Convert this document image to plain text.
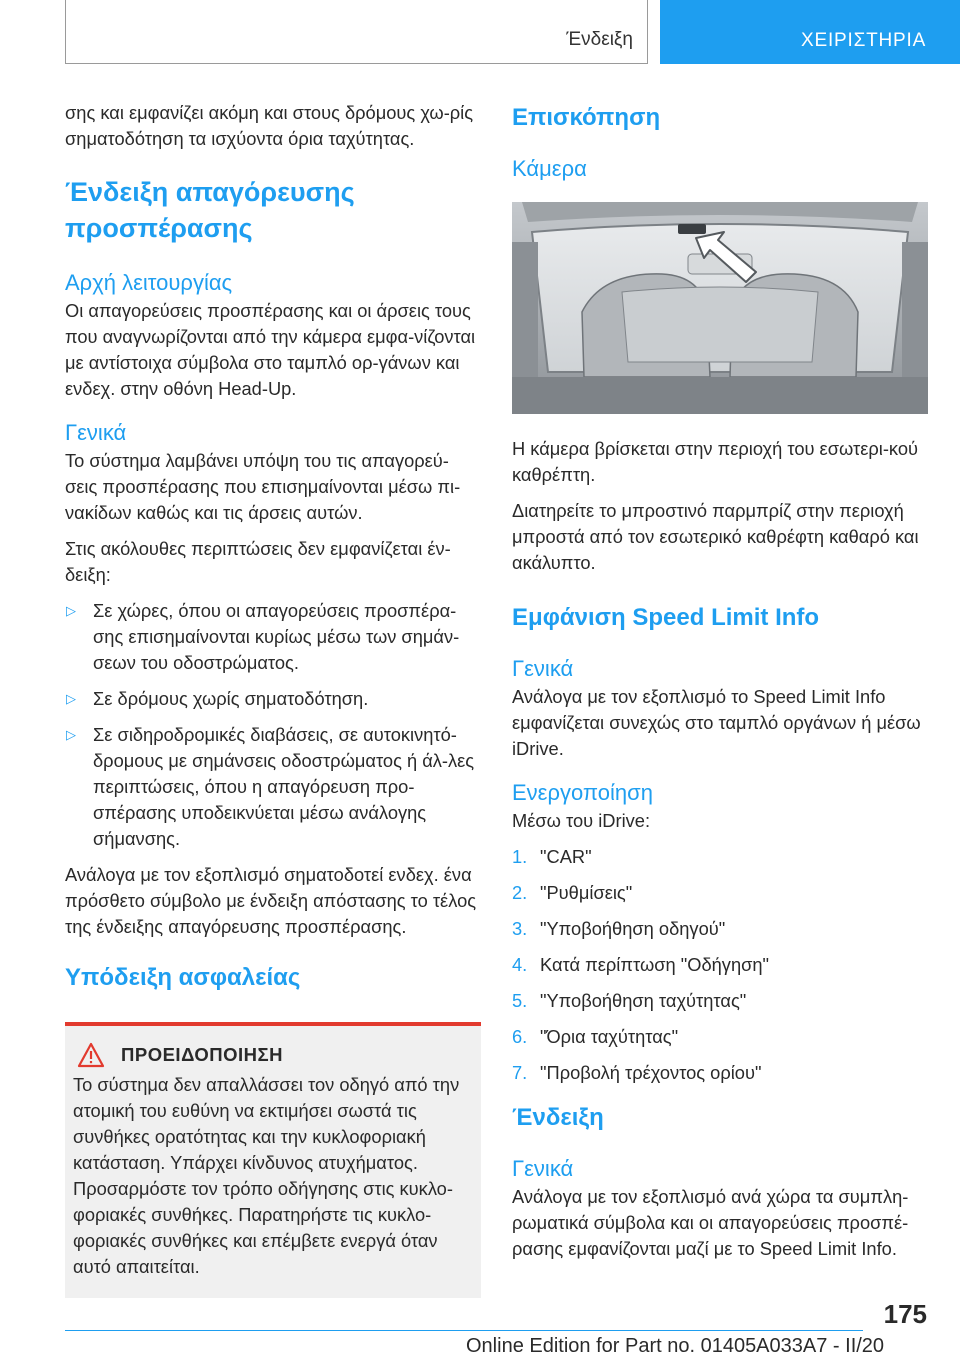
Ένδειξη	ΧΕΙΡΙΣΤΗΡΙΑ

σης και εμφανίζει ακόμη και στους δρόμους χω-ρίς σηματοδότηση τα ισχύοντα όρια ταχύτητας.

Ένδειξη απαγόρευσης προσπέρασης
Αρχή λειτουργίας

Οι απαγορεύσεις προσπέρασης και οι άρσεις τους που αναγνωρίζονται από την κάμερα εμφα-νίζονται με αντίστοιχα σύμβολα στο ταμπλό ορ-γάνων και ενδεχ. στην οθόνη Head-Up.

Γενικά

Το σύστημα λαμβάνει υπόψη του τις απαγορεύ-σεις προσπέρασης που επισημαίνονται μέσω πι-νακίδων καθώς και τις άρσεις αυτών.

Στις ακόλουθες περιπτώσεις δεν εμφανίζεται έν-δειξη:

▷ Σε χώρες, όπου οι απαγορεύσεις προσπέρα-σης επισημαίνονται κυρίως μέσω των σημάν-σεων του οδοστρώματος.
▷ Σε δρόμους χωρίς σηματοδότηση.
▷ Σε σιδηροδρομικές διαβάσεις, σε αυτοκινητό-δρομους με σημάνσεις οδοστρώματος ή άλ-λες περιπτώσεις, όπου η απαγόρευση προ-σπέρασης υποδεικνύεται μέσω ανάλογης σήμανσης.

Ανάλογα με τον εξοπλισμό σηματοδοτεί ενδεχ. ένα πρόσθετο σύμβολο με ένδειξη απόστασης το τέλος της ένδειξης απαγόρευσης προσπέρασης.

Υπόδειξη ασφαλείας
ΠΡΟΕΙΔΟΠΟΙΗΣΗ

Το σύστημα δεν απαλλάσσει τον οδηγό από την ατομική του ευθύνη να εκτιμήσει σωστά τις συνθήκες ορατότητας και την κυκλοφοριακή κατάσταση. Υπάρχει κίνδυνος ατυχήματος. Προσαρμόστε τον τρόπο οδήγησης στις κυκλο-φοριακές συνθήκες. Παρατηρήστε τις κυκλο-φοριακές συνθήκες και επέμβετε ενεργά όταν αυτό απαιτείται.

Επισκόπηση
Κάμερα

Η κάμερα βρίσκεται στην περιοχή του εσωτερι-κού καθρέπτη.

Διατηρείτε το μπροστινό παρμπρίζ στην περιοχή μπροστά από τον εσωτερικό καθρέφτη καθαρό και ακάλυπτο.

Εμφάνιση Speed Limit Info
Γενικά

Ανάλογα με τον εξοπλισμό το Speed Limit Info εμφανίζεται συνεχώς στο ταμπλό οργάνων ή μέσω iDrive.

Ενεργοποίηση

Μέσω του iDrive:

1. "CAR"
2. "Ρυθμίσεις"
3. "Υποβοήθηση οδηγού"
4. Κατά περίπτωση "Οδήγηση"
5. "Υποβοήθηση ταχύτητας"
6. "Όρια ταχύτητας"
7. "Προβολή τρέχοντος ορίου"
Ένδειξη
Γενικά

Ανάλογα με τον εξοπλισμό ανά χώρα τα συμπλη-ρωματικά σύμβολα και οι απαγορεύσεις προσπέ-ρασης εμφανίζονται μαζί με το Speed Limit Info.

175
Online Edition for Part no. 01405A033A7 - II/20
